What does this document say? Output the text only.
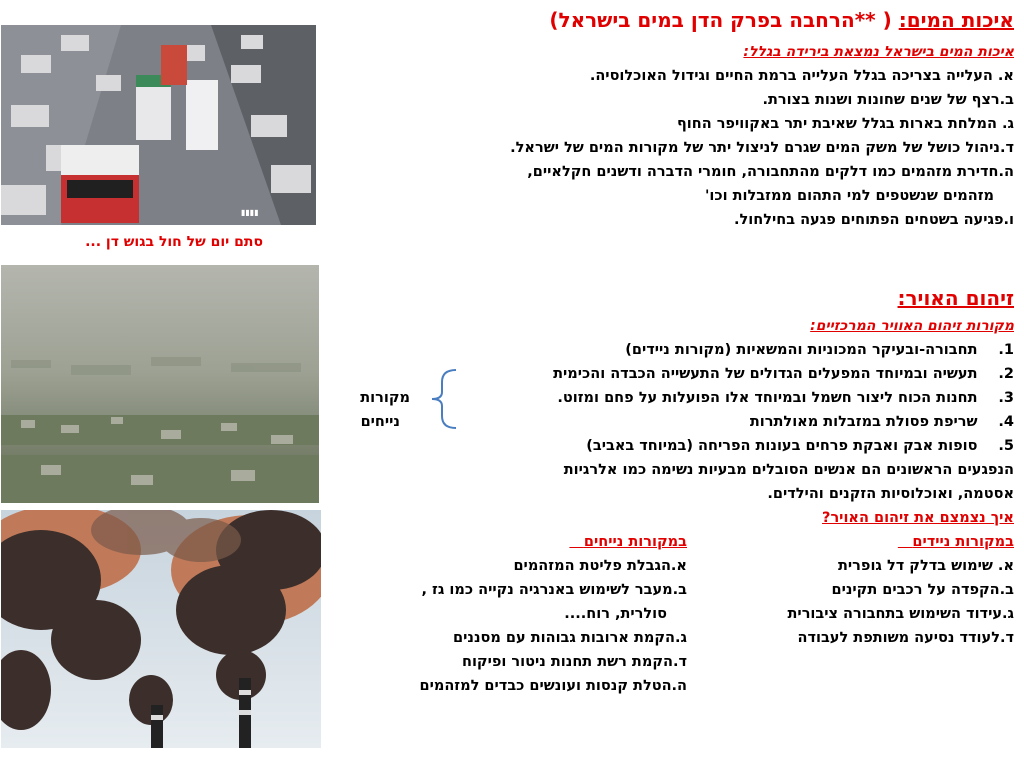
▮▮▮▮
סתם יום של חול בגוש דן ...
איכות המים: ( **הרחבה בפרק הדן במים בישראל)
איכות המים בישראל נמצאת בירידה בגלל:
א. העלייה בצריכה בגלל העלייה ברמת החיים וגידול האוכלוסיה.
ב.רצף של שנים שחונות ושנות בצורת.
ג. המלחת בארות בגלל שאיבת יתר באקוויפר החוף
ד.ניהול כושל של משק המים שגרם לניצול יתר של מקורות המים של ישראל.
ה.חדירת מזהמים כמו דלקים מהתחבורה, חומרי הדברה ודשנים חקלאיים,
מזהמים שנשטפים למי התהום ממזבלות וכו'
ו.פגיעה בשטחים הפתוחים פגעה בחילחול.
זיהום האויר:
מקורות זיהום האוויר המרכזיים:
1. תחבורה-ובעיקר המכוניות והמשאיות (מקורות ניידים)
2. תעשיה ובמיוחד המפעלים הגדולים של התעשייה הכבדה והכימית
3. תחנות הכוח ליצור חשמל ובמיוחד אלו הפועלות על פחם ומזוט.
4. שריפת פסולת במזבלות מאולתרות
5. סופות אבק ואבקת פרחים בעונות הפריחה (במיוחד באביב)
מקורות
נייחים
הנפגעים הראשונים הם אנשים הסובלים מבעיות נשימה כמו אלרגיות
אסטמה, ואוכלוסיות הזקנים והילדים.
איך נצמצם את זיהום האויר?
במקורות ניידים 
א. שימוש בדלק דל גופרית
ב.הקפדה על רכבים תקינים
ג.עידוד השימוש בתחבורה ציבורית
ד.לעודד נסיעה משותפת לעבודה
במקורות נייחים 
א.הגבלת פליטת המזהמים
ב.מעבר לשימוש באנרגיה נקייה כמו גז ,
סולרית, רוח....
ג.הקמת ארובות גבוהות עם מסננים
ד.הקמת רשת תחנות ניטור ופיקוח
ה.הטלת קנסות ועונשים כבדים למזהמים
